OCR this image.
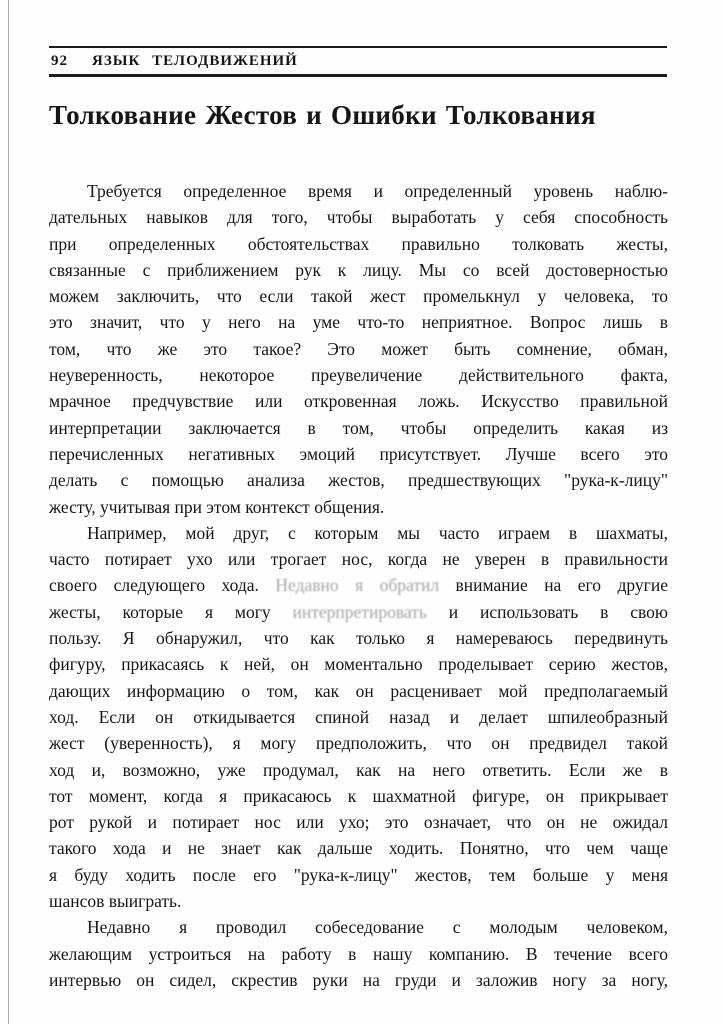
92 ЯЗЫК ТЕЛОДВИЖЕНИЙ
Толкование Жестов и Ошибки Толкования
Требуется определенное время и определенный уровень наблю-
дательных навыков для того, чтобы выработать у себя способность
при определенных обстоятельствах правильно толковать жесты,
связанные с приближением рук к лицу. Мы со всей достоверностью
можем заключить, что если такой жест промелькнул у человека, то
это значит, что у него на уме что-то неприятное. Вопрос лишь в
том, что же это такое? Это может быть сомнение, обман,
неуверенность, некоторое преувеличение действительного факта,
мрачное предчувствие или откровенная ложь. Искусство правильной
интерпретации заключается в том, чтобы определить какая из
перечисленных негативных эмоций присутствует. Лучше всего это
делать с помощью анализа жестов, предшествующих "рука-к-лицу"
жесту, учитывая при этом контекст общения.
Например, мой друг, с которым мы часто играем в шахматы,
часто потирает ухо или трогает нос, когда не уверен в правильности
своего следующего хода. Недавно я обратил внимание на его другие
жесты, которые я могу интерпретировать и использовать в свою
пользу. Я обнаружил, что как только я намереваюсь передвинуть
фигуру, прикасаясь к ней, он моментально проделывает серию жестов,
дающих информацию о том, как он расценивает мой предполагаемый
ход. Если он откидывается спиной назад и делает шпилеобразный
жест (уверенность), я могу предположить, что он предвидел такой
ход и, возможно, уже продумал, как на него ответить. Если же в
тот момент, когда я прикасаюсь к шахматной фигуре, он прикрывает
рот рукой и потирает нос или ухо; это означает, что он не ожидал
такого хода и не знает как дальше ходить. Понятно, что чем чаще
я буду ходить после его "рука-к-лицу" жестов, тем больше у меня
шансов выиграть.
Недавно я проводил собеседование с молодым человеком,
желающим устроиться на работу в нашу компанию. В течение всего
интервью он сидел, скрестив руки на груди и заложив ногу за ногу,
